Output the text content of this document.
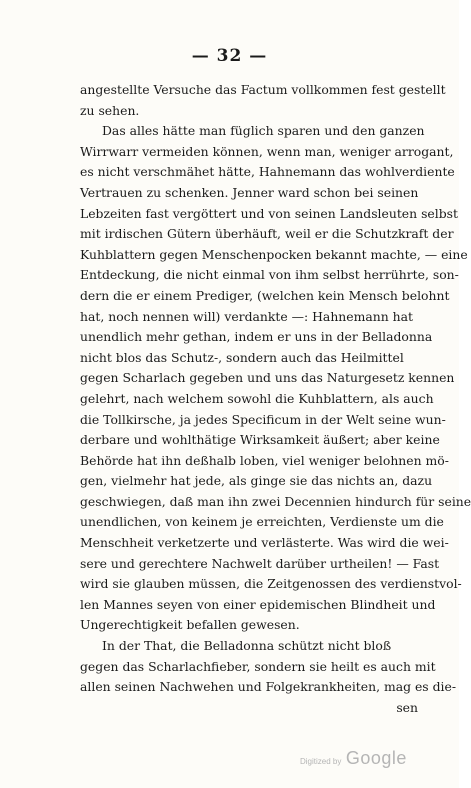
— 32 —
angestellte Versuche das Factum vollkommen fest gestellt
zu sehen.
Das alles hätte man füglich sparen und den ganzen
Wirrwarr vermeiden können, wenn man, weniger arrogant,
es nicht verschmähet hätte, Hahnemann das wohlverdiente
Vertrauen zu schenken. Jenner ward schon bei seinen
Lebzeiten fast vergöttert und von seinen Landsleuten selbst
mit irdischen Gütern überhäuft, weil er die Schutzkraft der
Kuhblattern gegen Menschenpocken bekannt machte, — eine
Entdeckung, die nicht einmal von ihm selbst herrührte, son-
dern die er einem Prediger, (welchen kein Mensch belohnt
hat, noch nennen will) verdankte —: Hahnemann hat
unendlich mehr gethan, indem er uns in der Belladonna
nicht blos das Schutz-, sondern auch das Heilmittel
gegen Scharlach gegeben und uns das Naturgesetz kennen
gelehrt, nach welchem sowohl die Kuhblattern, als auch
die Tollkirsche, ja jedes Specificum in der Welt seine wun-
derbare und wohlthätige Wirksamkeit äußert; aber keine
Behörde hat ihn deßhalb loben, viel weniger belohnen mö-
gen, vielmehr hat jede, als ginge sie das nichts an, dazu
geschwiegen, daß man ihn zwei Decennien hindurch für seine
unendlichen, von keinem je erreichten, Verdienste um die
Menschheit verketzerte und verlästerte. Was wird die wei-
sere und gerechtere Nachwelt darüber urtheilen! — Fast
wird sie glauben müssen, die Zeitgenossen des verdienstvol-
len Mannes seyen von einer epidemischen Blindheit und
Ungerechtigkeit befallen gewesen.
In der That, die Belladonna schützt nicht bloß
gegen das Scharlachfieber, sondern sie heilt es auch mit
allen seinen Nachwehen und Folgekrankheiten, mag es die-
sen
Digitized by Google
